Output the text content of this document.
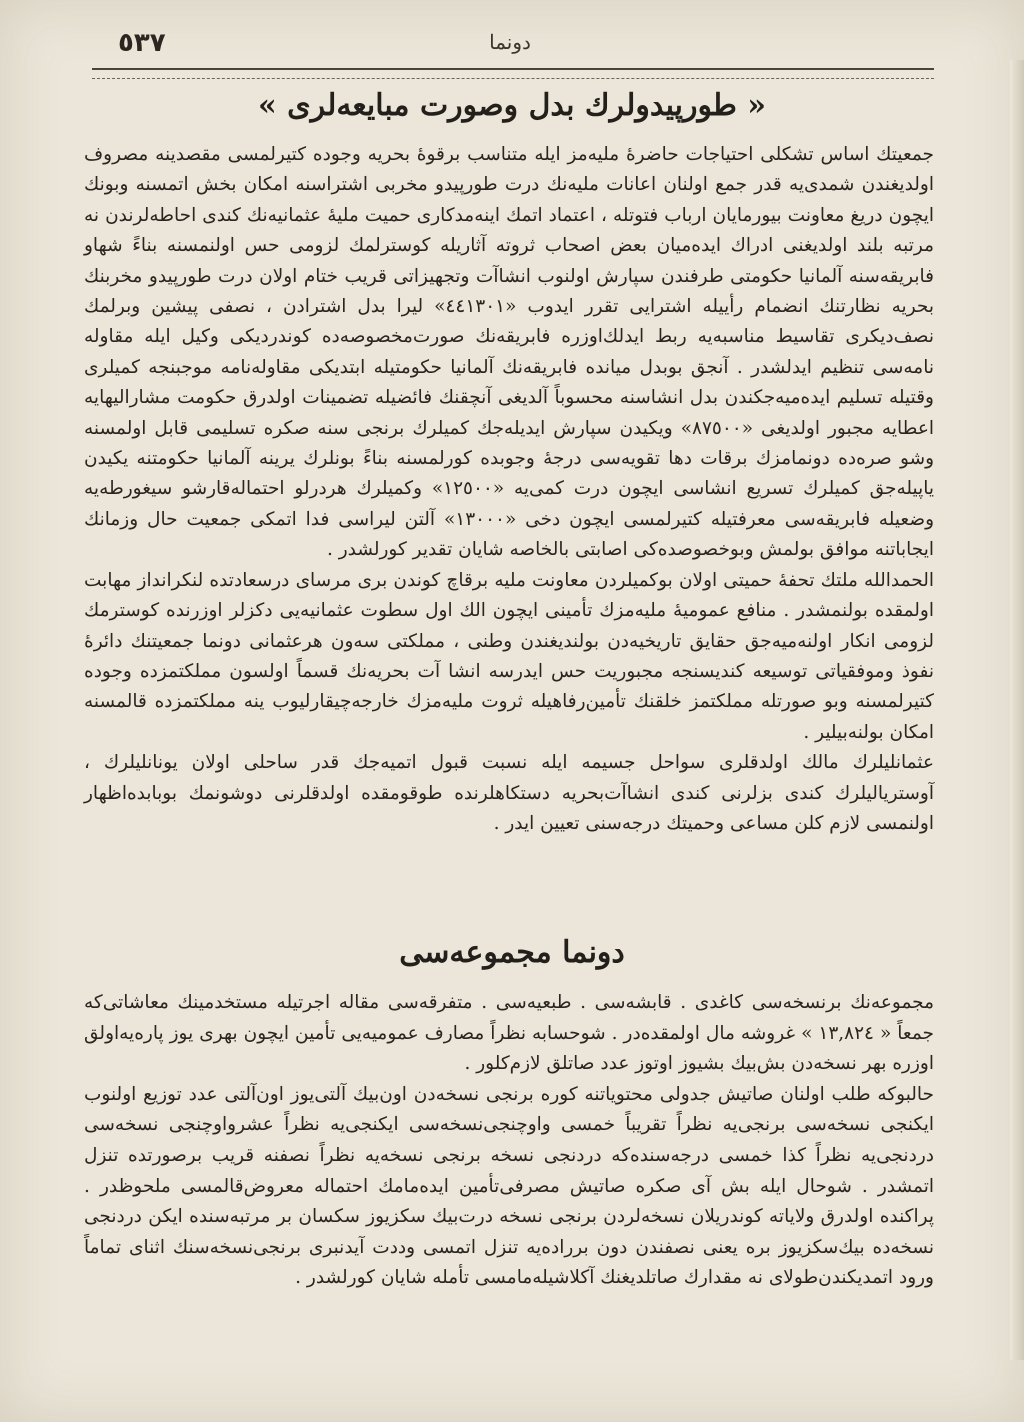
٥٣٧	دونما
« طورپیدولرك بدل وصورت مبایعه‌لری »

جمعیتك اساس تشکلی احتیاجات حاضرۀ ملیه‌مز ایله متناسب برقوۀ بحریه وجوده کتیرلمسی مقصدینه مصروف اولدیغندن شمدی‌یه قدر جمع اولنان اعانات ملیه‌نك درت طورپیدو مخربی اشتراسنه امکان بخش اتمسنه وبونك ایچون دریغ معاونت بیورمایان ارباب فتوتله ، اعتماد اتمك اینه‌مدکاری حمیت ملیۀ عثمانیه‌نك کندی احاطه‌لرندن نه مرتبه بلند اولدیغنی ادراك ایده‌میان بعض اصحاب ثروته آثاریله کوسترلمك لزومی حس اولنمسنه بناءً شهاو فابریقه‌سنه آلمانیا حکومتی طرفندن سپارش اولنوب انشاآت وتجهیزاتی قریب ختام اولان درت طورپیدو مخربنك بحریه نظارتنك انضمام رأییله اشترایی تقرر ایدوب «٤٤١٣٠١» لیرا بدل اشترادن ، نصفی پیشین وبرلمك نصف‌دیکری تقاسیط مناسبه‌یه ربط ایدلك‌اوزره فابریقه‌نك صورت‌مخصوصه‌ده کوندردیکی وکیل ایله مقاوله نامه‌سی تنظیم ایدلشدر . آنجق بوبدل میانده فابریقه‌نك آلمانیا حکومتیله ابتدیکی مقاوله‌نامه موجبنجه کمیلری وقتیله تسلیم ایده‌میه‌جکندن بدل انشاسنه محسوباً آلدیغی آنچقنك فائضیله تضمینات اولدرق حکومت مشارالیهایه اعطایه مجبور اولدیغی «٨٧٥٠٠» ویکیدن سپارش ایدیله‌جك کمیلرك برنجی سنه صکره تسلیمی قابل اولمسنه وشو صره‌ده دونمامزك برقات دها تقویه‌سی درجۀ وجوبده کورلمسنه بناءً بونلرك یرینه آلمانیا حکومتنه یکیدن یاپیله‌جق کمیلرك تسریع انشاسی ایچون درت کمی‌یه «١٢٥٠٠» وکمیلرك هردرلو احتماله‌قارشو سیغورطه‌یه وضعیله فابریقه‌سی معرفتیله کتیرلمسی ایچون دخی «١٣٠٠٠» آلتن لیراسی فدا اتمکی جمعیت حال وزمانك ایجاباتنه موافق بولمش وبوخصوصده‌کی اصابتی بالخاصه شایان تقدیر کورلشدر .

الحمدالله ملتك تحفۀ حمیتی اولان بوکمیلردن معاونت ملیه برقاچ کوندن بری مرسای درسعادتده لنکرانداز مهابت اولمقده بولنمشدر . منافع عمومیۀ ملیه‌مزك تأمینی ایچون الك اول سطوت عثمانیه‌یی دکزلر اوزرنده کوسترمك لزومی انکار اولنه‌میه‌جق حقایق تاریخیه‌دن بولندیغندن وطنی ، مملکتی سه‌ون هرعثمانی دونما جمعیتنك دائرۀ نفوذ وموفقیاتی توسیعه کندیسنجه مجبوریت حس ایدرسه انشا آت بحریه‌نك قسماً اولسون مملکتمزده وجوده کتیرلمسنه وبو صورتله مملکتمز خلقنك تأمین‌رفاهیله ثروت ملیه‌مزك خارجه‌چیقارلیوب ینه مملکتمزده قالمسنه امکان بولنه‌بیلیر .

عثمانلیلرك مالك اولدقلری سواحل جسیمه ایله نسبت قبول اتمیه‌جك قدر ساحلی اولان یونانلیلرك ، آوستریالیلرك کندی بزلرنی کندی انشاآت‌بحریه دستکاهلرنده طوقومقده اولدقلرنی دوشونمك بوبابده‌اظهار اولنمسی لازم کلن مساعی وحمیتك درجه‌سنی تعیین ایدر .

دونما مجموعه‌سی

مجموعه‌نك برنسخه‌سی کاغدی . قابشه‌سی . طبعیه‌سی . متفرقه‌سی مقاله اجرتیله مستخدمینك معاشاتی‌که جمعاً « ١٣,٨٢٤ » غروشه مال اولمقده‌در . شوحسابه نظراً مصارف عمومیه‌یی تأمین ایچون بهری یوز پاره‌یه‌اولق اوزره بهر نسخه‌دن بش‌بیك بشیوز اوتوز عدد صاتلق لازم‌کلور .

حالبوکه طلب اولنان صاتیش جدولی محتویاتنه کوره برنجی نسخه‌دن اون‌بیك آلتی‌یوز اون‌آلتی عدد توزیع اولنوب ایکنجی نسخه‌سی برنجی‌یه نظراً تقریباً خمسی واوچنجی‌نسخه‌سی ایکنجی‌یه نظراً عشرواوچنجی نسخه‌سی دردنجی‌یه نظراً کذا خمسی درجه‌سنده‌که دردنجی نسخه برنجی نسخه‌یه نظراً نصفنه قریب برصورتده تنزل اتمشدر . شوحال ایله بش آی صکره صاتیش مصرفی‌تأمین ایده‌مامك احتماله معروض‌قالمسی ملحوظدر . پراکنده اولدرق ولایاته کوندریلان نسخه‌لردن برنجی نسخه درت‌بیك سکزیوز سکسان بر مرتبه‌سنده ایکن دردنجی نسخه‌ده بیك‌سکزیوز بره یعنی نصفندن دون برراده‌یه تنزل اتمسی وددت آیدنبری برنجی‌نسخه‌سنك اثنای تماماً ورود اتمدیکندن‌طولای نه مقدارك صاتلدیغنك آکلاشیله‌مامسی تأمله شایان کورلشدر .
